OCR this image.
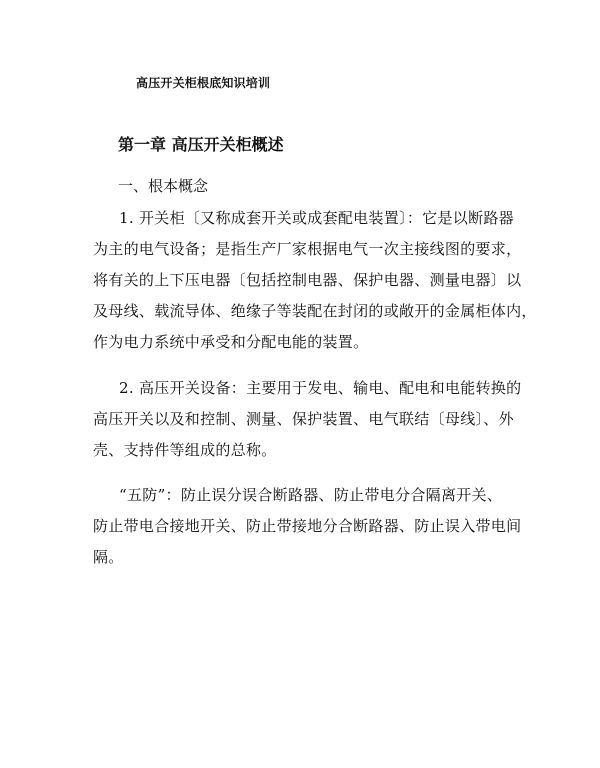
高压开关柜根底知识培训
第一章 高压开关柜概述
一、根本概念
1. 开关柜〔又称成套开关或成套配电装置〕：它是以断路器
为主的电气设备；是指生产厂家根据电气一次主接线图的要求，
将有关的上下压电器〔包括控制电器、保护电器、测量电器〕以
及母线、载流导体、绝缘子等装配在封闭的或敞开的金属柜体内，
作为电力系统中承受和分配电能的装置。
2. 高压开关设备：主要用于发电、输电、配电和电能转换的
高压开关以及和控制、测量、保护装置、电气联结〔母线〕、外
壳、支持件等组成的总称。
“五防”：防止误分误合断路器、防止带电分合隔离开关、
防止带电合接地开关、防止带接地分合断路器、防止误入带电间
隔。
